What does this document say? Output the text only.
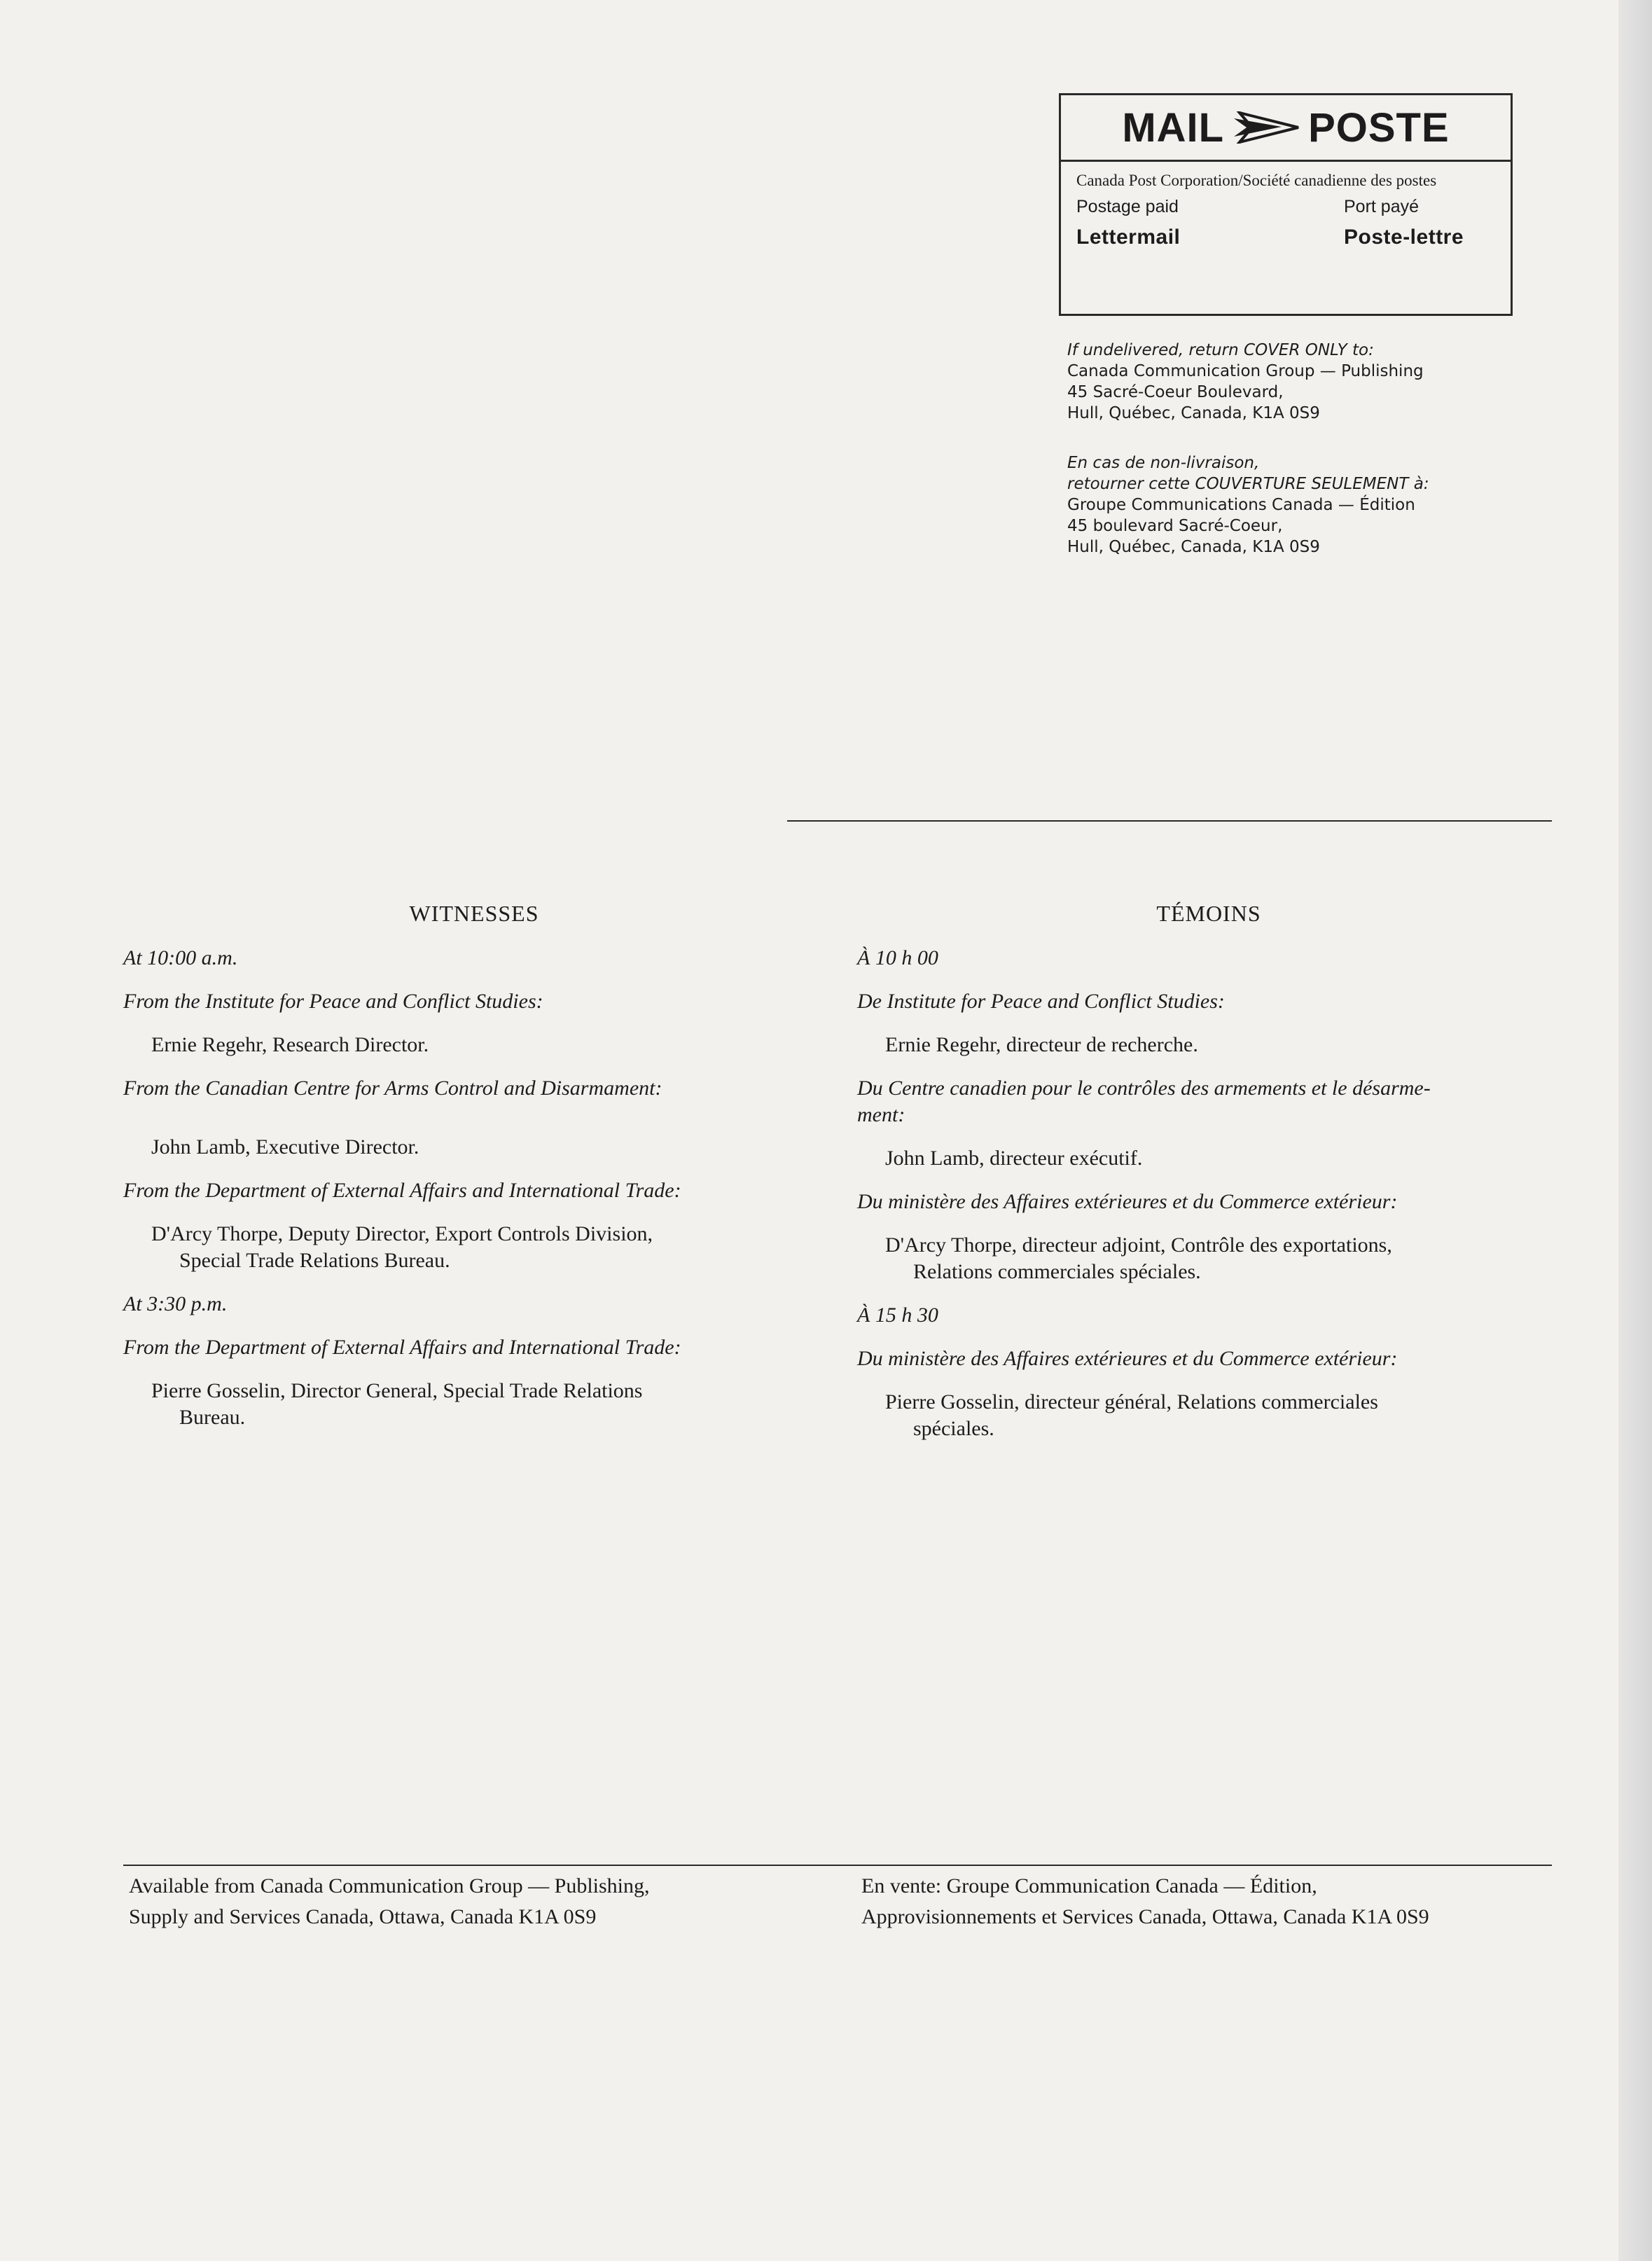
MAIL POSTE
Canada Post Corporation/Société canadienne des postes
Postage paid	Port payé
Lettermail	Poste-lettre
If undelivered, return COVER ONLY to:
Canada Communication Group — Publishing
45 Sacré-Coeur Boulevard,
Hull, Québec, Canada, K1A 0S9
En cas de non-livraison,
retourner cette COUVERTURE SEULEMENT à:
Groupe Communications Canada — Édition
45 boulevard Sacré-Coeur,
Hull, Québec, Canada, K1A 0S9
WITNESSES

At 10:00 a.m.

From the Institute for Peace and Conflict Studies:

Ernie Regehr, Research Director.

From the Canadian Centre for Arms Control and Disarmament:

John Lamb, Executive Director.

From the Department of External Affairs and International Trade:

D'Arcy Thorpe, Deputy Director, Export Controls Division,
Special Trade Relations Bureau.

At 3:30 p.m.

From the Department of External Affairs and International Trade:

Pierre Gosselin, Director General, Special Trade Relations
Bureau.

TÉMOINS

À 10 h 00

De Institute for Peace and Conflict Studies:

Ernie Regehr, directeur de recherche.

Du Centre canadien pour le contrôles des armements et le désarme-
ment:

John Lamb, directeur exécutif.

Du ministère des Affaires extérieures et du Commerce extérieur:

D'Arcy Thorpe, directeur adjoint, Contrôle des exportations,
Relations commerciales spéciales.

À 15 h 30

Du ministère des Affaires extérieures et du Commerce extérieur:

Pierre Gosselin, directeur général, Relations commerciales
spéciales.

Available from Canada Communication Group — Publishing,
Supply and Services Canada, Ottawa, Canada K1A 0S9
En vente: Groupe Communication Canada — Édition,
Approvisionnements et Services Canada, Ottawa, Canada K1A 0S9
